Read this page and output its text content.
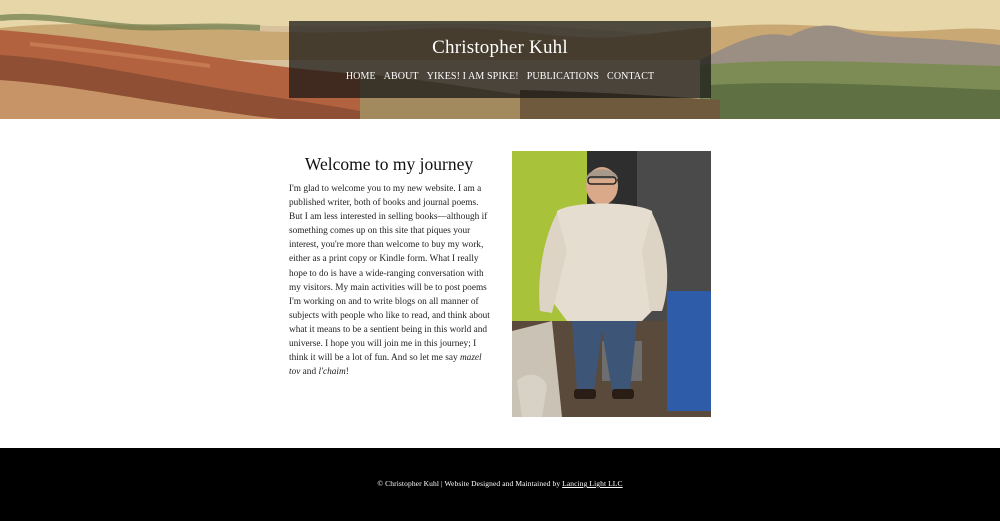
Christopher Kuhl
HOME ABOUT YIKES! I AM SPIKE! PUBLICATIONS CONTACT
Welcome to my journey

I'm glad to welcome you to my new website. I am a published writer, both of books and journal poems. But I am less interested in selling books—although if something comes up on this site that piques your interest, you're more than welcome to buy my work, either as a print copy or Kindle form. What I really hope to do is have a wide-ranging conversation with my visitors. My main activities will be to post poems I'm working on and to write blogs on all manner of subjects with people who like to read, and think about what it means to be a sentient being in this world and universe. I hope you will join me in this journey; I think it will be a lot of fun. And so let me say mazel tov and l'chaim!

© Christopher Kuhl | Website Designed and Maintained by Lancing Light LLC
